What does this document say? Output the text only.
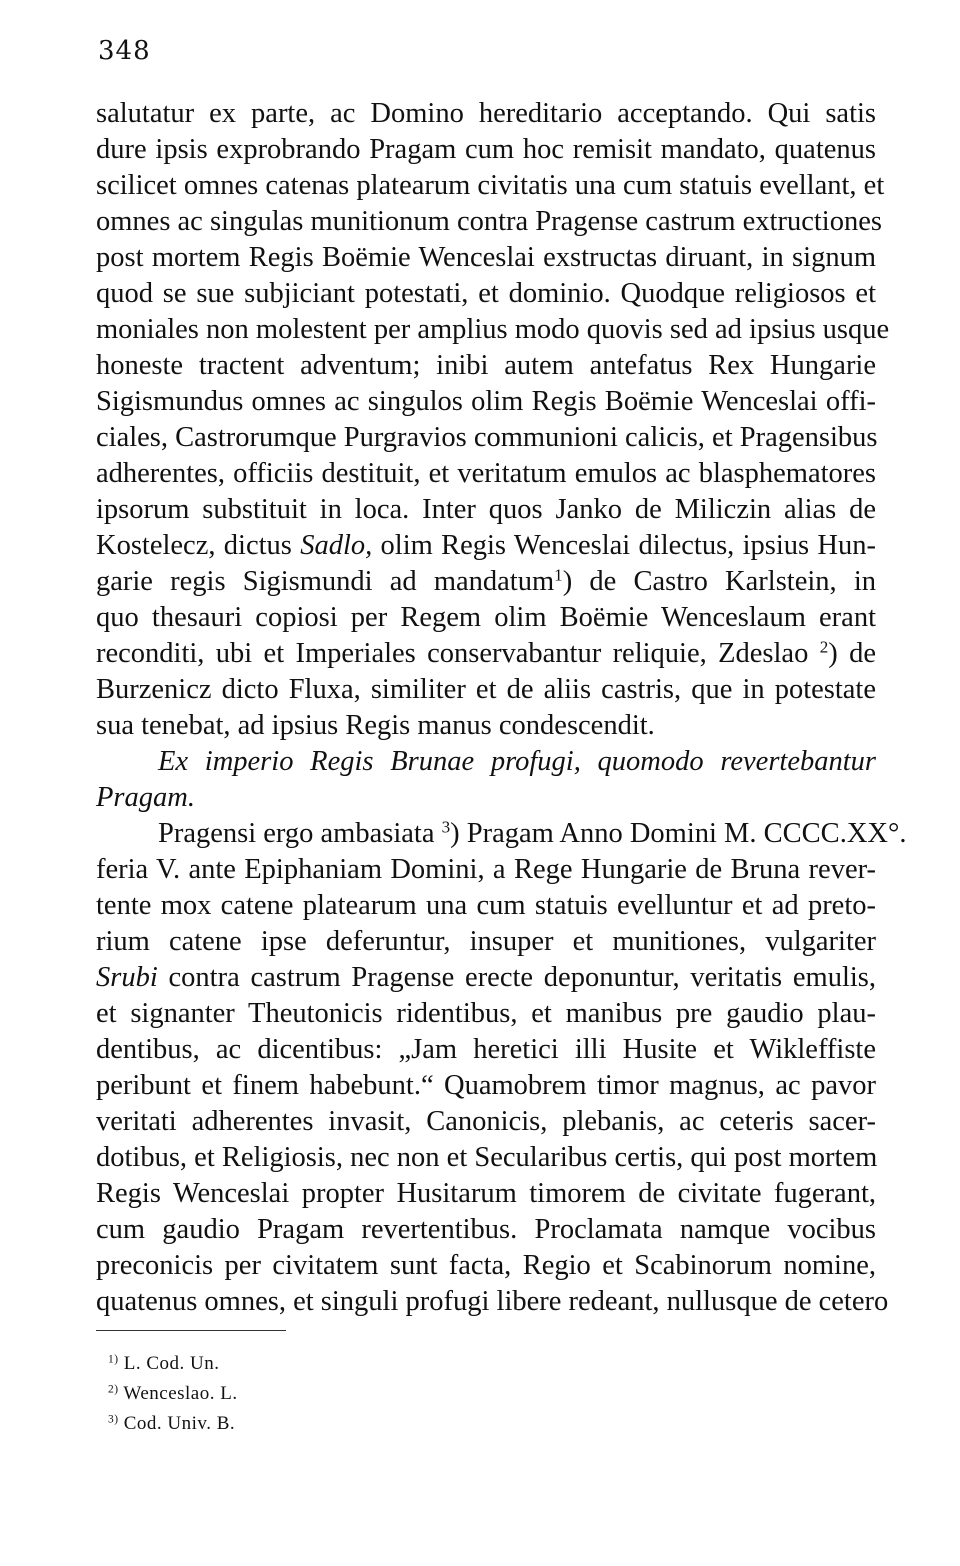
348
salutatur ex parte, ac Domino hereditario acceptando. Qui satis
dure ipsis exprobrando Pragam cum hoc remisit mandato, quatenus
scilicet omnes catenas platearum civitatis una cum statuis evellant, et
omnes ac singulas munitionum contra Pragense castrum extructiones
post mortem Regis Boëmie Wenceslai exstructas diruant, in signum
quod se sue subjiciant potestati, et dominio. Quodque religiosos et
moniales non molestent per amplius modo quovis sed ad ipsius usque
honeste tractent adventum; inibi autem antefatus Rex Hungarie
Sigismundus omnes ac singulos olim Regis Boëmie Wenceslai offi-
ciales, Castrorumque Purgravios communioni calicis, et Pragensibus
adherentes, officiis destituit, et veritatum emulos ac blasphematores
ipsorum substituit in loca. Inter quos Janko de Miliczin alias de
Kostelecz, dictus Sadlo, olim Regis Wenceslai dilectus, ipsius Hun-
garie regis Sigismundi ad mandatum$^1$) de Castro Karlstein, in
quo thesauri copiosi per Regem olim Boëmie Wenceslaum erant
reconditi, ubi et Imperiales conservabantur reliquie, Zdeslao $^2$) de
Burzenicz dicto Fluxa, similiter et de aliis castris, que in potestate
sua tenebat, ad ipsius Regis manus condescendit.
Ex imperio Regis Brunae profugi, quomodo revertebantur
Pragam.
Pragensi ergo ambasiata $^3$) Pragam Anno Domini M. CCCC.XX°.
feria V. ante Epiphaniam Domini, a Rege Hungarie de Bruna rever-
tente mox catene platearum una cum statuis evelluntur et ad preto-
rium catene ipse deferuntur, insuper et munitiones, vulgariter
Srubi contra castrum Pragense erecte deponuntur, veritatis emulis,
et signanter Theutonicis ridentibus, et manibus pre gaudio plau-
dentibus, ac dicentibus: „Jam heretici illi Husite et Wikleffiste
peribunt et finem habebunt.“ Quamobrem timor magnus, ac pavor
veritati adherentes invasit, Canonicis, plebanis, ac ceteris sacer-
dotibus, et Religiosis, nec non et Secularibus certis, qui post mortem
Regis Wenceslai propter Husitarum timorem de civitate fugerant,
cum gaudio Pragam revertentibus. Proclamata namque vocibus
preconicis per civitatem sunt facta, Regio et Scabinorum nomine,
quatenus omnes, et singuli profugi libere redeant, nullusque de cetero
$^{1)}$ L. Cod. Un.
$^{2)}$ Wenceslao. L.
$^{3)}$ Cod. Univ. B.
